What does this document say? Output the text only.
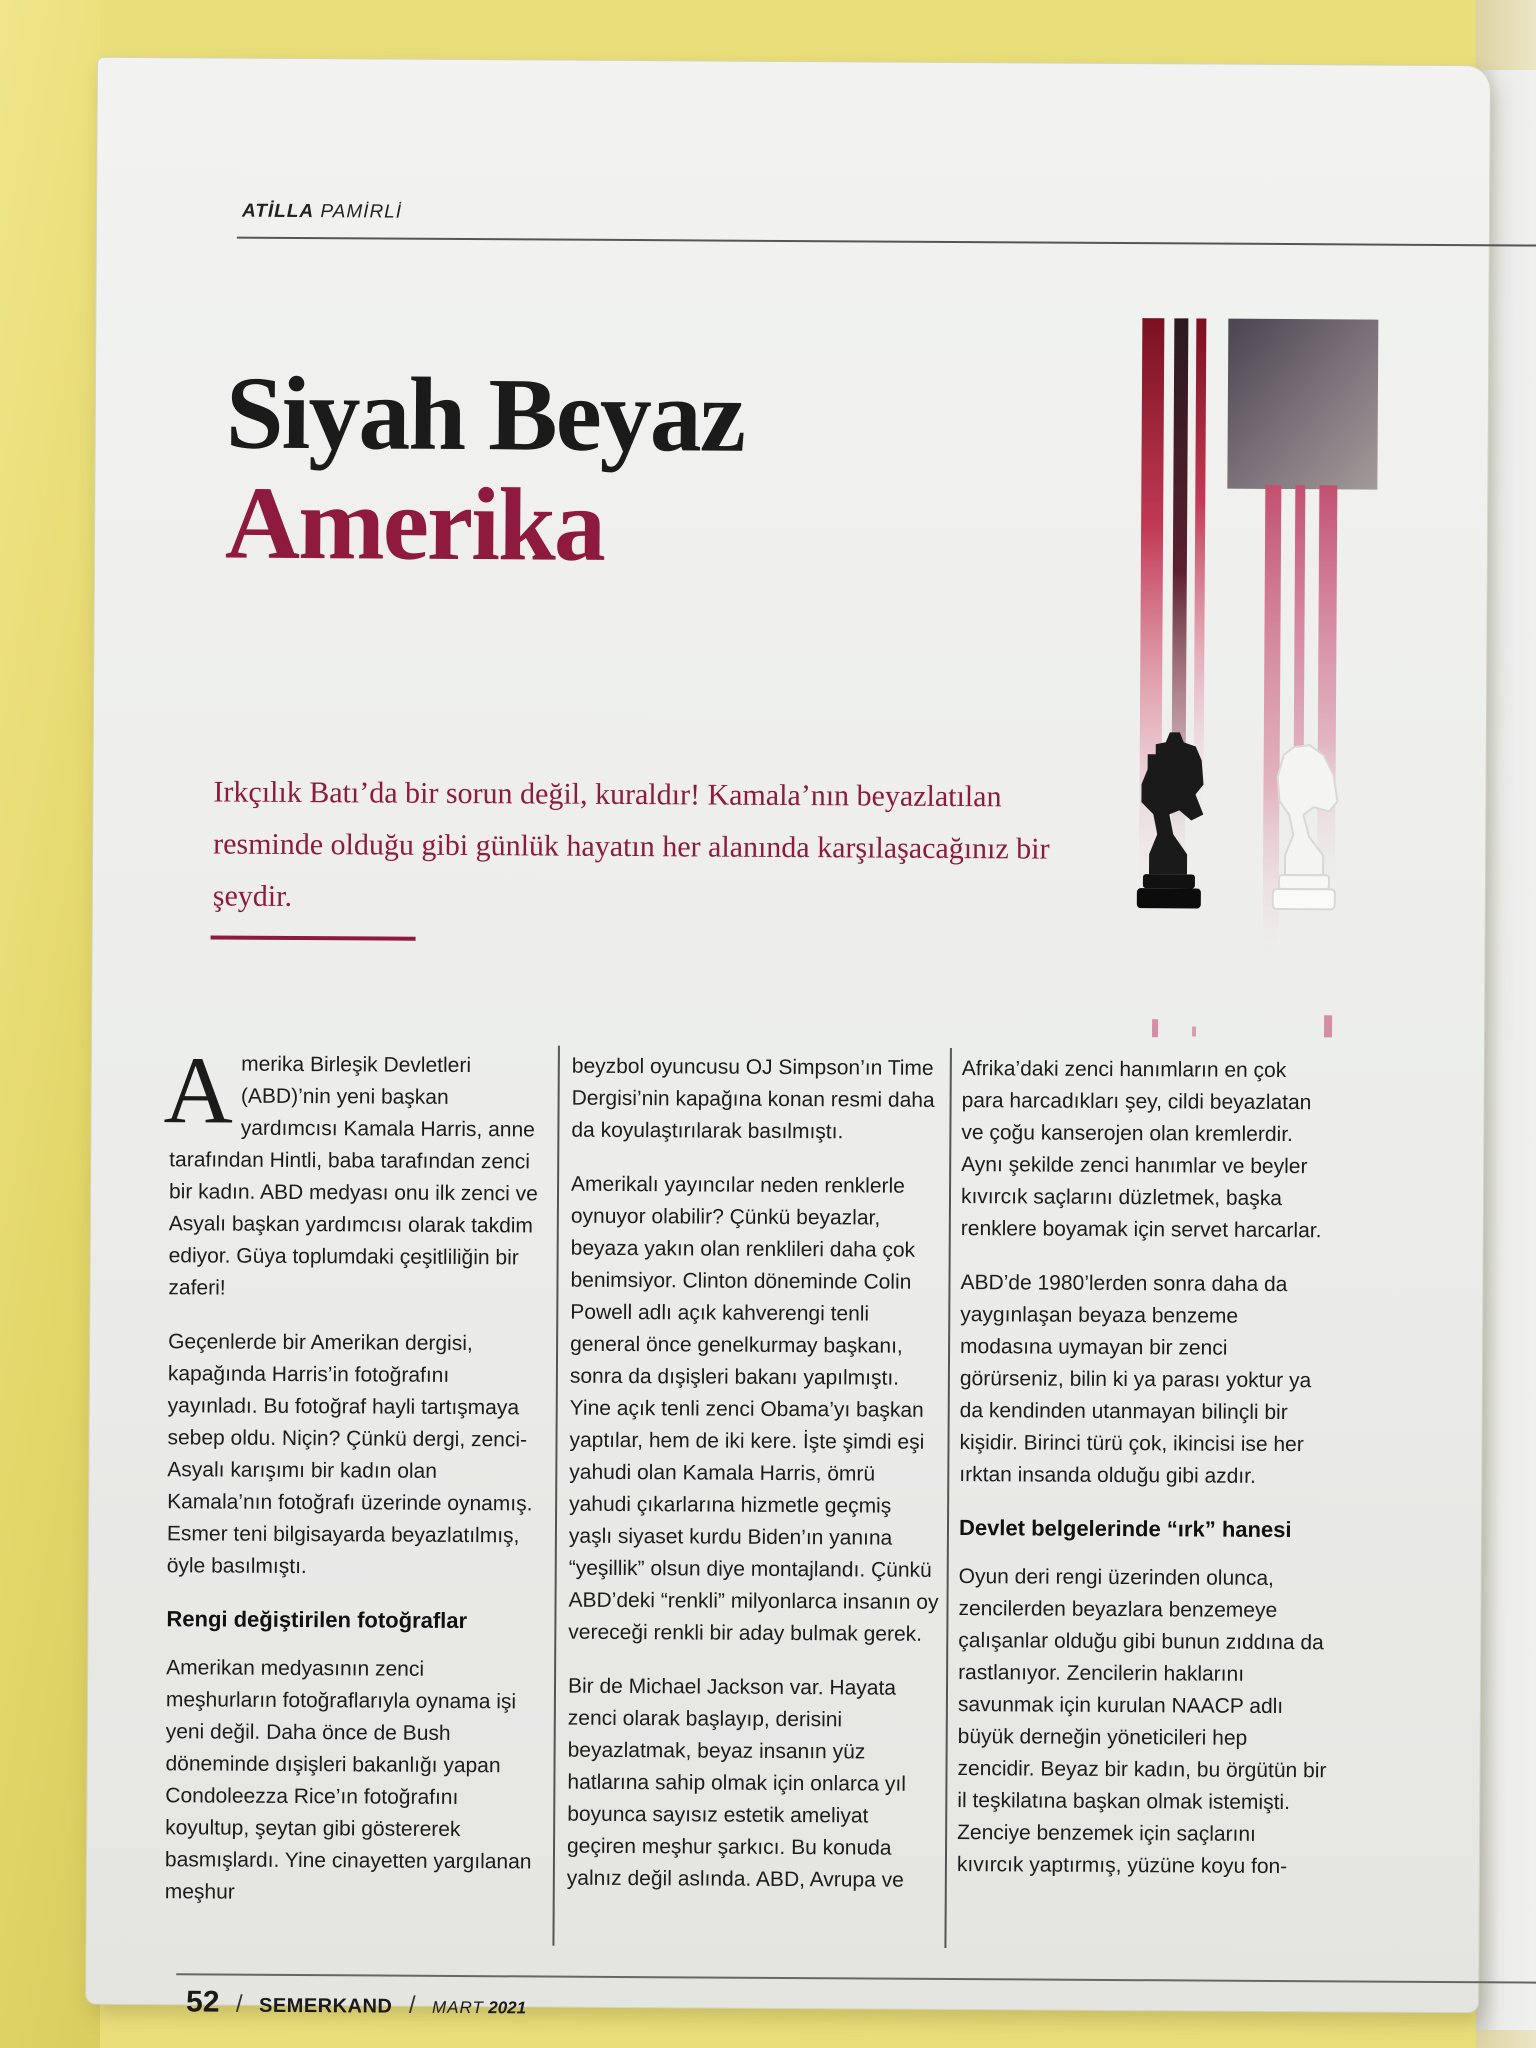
ATİLLA PAMİRLİ
Siyah Beyaz
Amerika

Irkçılık Batı’da bir sorun değil, kuraldır! Kamala’nın beyazlatılan resminde olduğu gibi günlük hayatın her alanında karşılaşacağınız bir şeydir.

A merika Birleşik Devletleri (ABD)’nin yeni başkan yardımcısı Kamala Harris, anne tarafından Hintli, baba tarafından zenci bir kadın. ABD medyası onu ilk zenci ve Asyalı başkan yardımcısı olarak takdim ediyor. Güya toplumdaki çeşitliliğin bir zaferi!

Geçenlerde bir Amerikan dergisi, kapağında Harris’in fotoğrafını yayınladı. Bu fotoğraf hayli tartışmaya sebep oldu. Niçin? Çünkü dergi, zenci-Asyalı karışımı bir kadın olan Kamala’nın fotoğrafı üzerinde oynamış. Esmer teni bilgisayarda beyazlatılmış, öyle basılmıştı.

Rengi değiştirilen fotoğraflar

Amerikan medyasının zenci meşhurların fotoğraflarıyla oynama işi yeni değil. Daha önce de Bush döneminde dışişleri bakanlığı yapan Condoleezza Rice’ın fotoğrafını koyultup, şeytan gibi göstererek basmışlardı. Yine cinayetten yargılanan meşhur

beyzbol oyuncusu OJ Simpson’ın Time Dergisi’nin kapağına konan resmi daha da koyulaştırılarak basılmıştı.

Amerikalı yayıncılar neden renklerle oynuyor olabilir? Çünkü beyazlar, beyaza yakın olan renklileri daha çok benimsiyor. Clinton döneminde Colin Powell adlı açık kahverengi tenli general önce genelkurmay başkanı, sonra da dışişleri bakanı yapılmıştı. Yine açık tenli zenci Obama’yı başkan yaptılar, hem de iki kere. İşte şimdi eşi yahudi olan Kamala Harris, ömrü yahudi çıkarlarına hizmetle geçmiş yaşlı siyaset kurdu Biden’ın yanına “yeşillik” olsun diye montajlandı. Çünkü ABD’deki “renkli” milyonlarca insanın oy vereceği renkli bir aday bulmak gerek.

Bir de Michael Jackson var. Hayata zenci olarak başlayıp, derisini beyazlatmak, beyaz insanın yüz hatlarına sahip olmak için onlarca yıl boyunca sayısız estetik ameliyat geçiren meşhur şarkıcı. Bu konuda yalnız değil aslında. ABD, Avrupa ve

Afrika’daki zenci hanımların en çok para harcadıkları şey, cildi beyazlatan ve çoğu kanserojen olan kremlerdir. Aynı şekilde zenci hanımlar ve beyler kıvırcık saçlarını düzletmek, başka renklere boyamak için servet harcarlar.

ABD’de 1980’lerden sonra daha da yaygınlaşan beyaza benzeme modasına uymayan bir zenci görürseniz, bilin ki ya parası yoktur ya da kendinden utanmayan bilinçli bir kişidir. Birinci türü çok, ikincisi ise her ırktan insanda olduğu gibi azdır.

Devlet belgelerinde “ırk” hanesi

Oyun deri rengi üzerinden olunca, zencilerden beyazlara benzemeye çalışanlar olduğu gibi bunun zıddına da rastlanıyor. Zencilerin haklarını savunmak için kurulan NAACP adlı büyük derneğin yöneticileri hep zencidir. Beyaz bir kadın, bu örgütün bir il teşkilatına başkan olmak istemişti. Zenciye benzemek için saçlarını kıvırcık yaptırmış, yüzüne koyu fon-

52 / SEMERKAND / MART 2021
